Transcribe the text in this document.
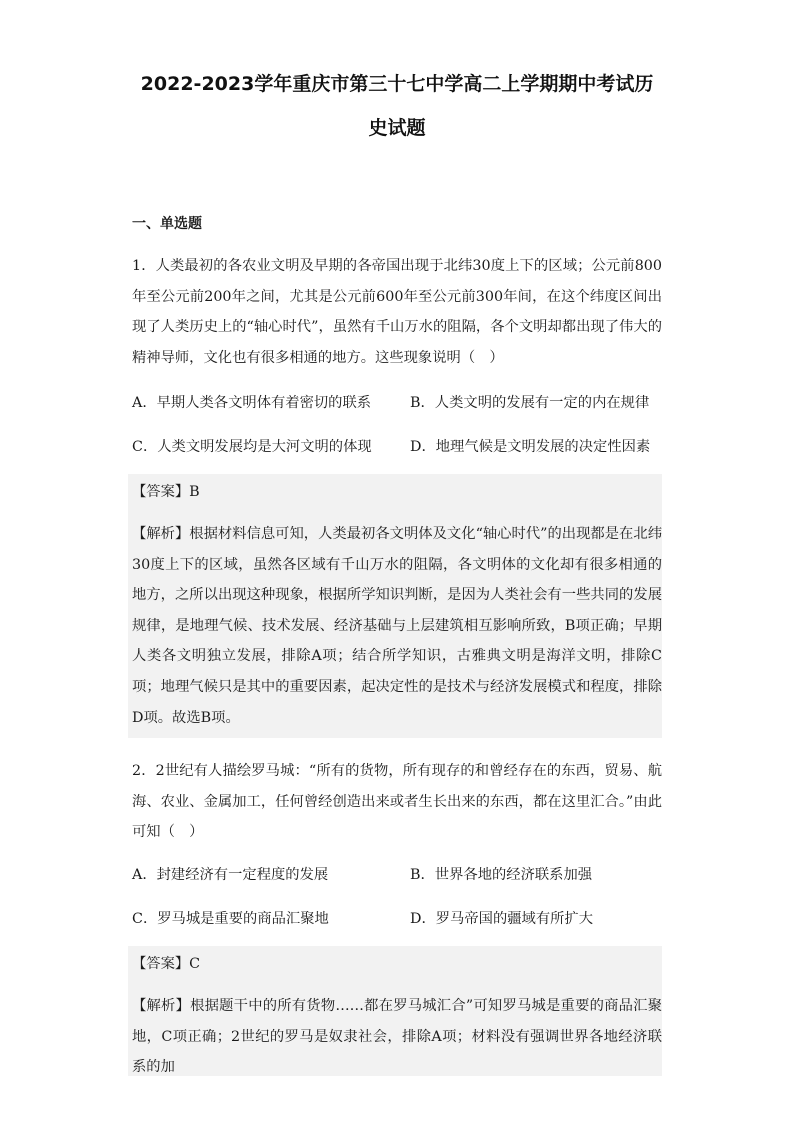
2022-2023学年重庆市第三十七中学高二上学期期中考试历
史试题
一、单选题

1．人类最初的各农业文明及早期的各帝国出现于北纬30度上下的区域；公元前800年至公元前200年之间，尤其是公元前600年至公元前300年间，在这个纬度区间出现了人类历史上的“轴心时代”，虽然有千山万水的阻隔，各个文明却都出现了伟大的精神导师，文化也有很多相通的地方。这些现象说明（　）

A．早期人类各文明体有着密切的联系	B．人类文明的发展有一定的内在规律
C．人类文明发展均是大河文明的体现	D．地理气候是文明发展的决定性因素
【答案】B

【解析】根据材料信息可知，人类最初各文明体及文化“轴心时代”的出现都是在北纬30度上下的区域，虽然各区域有千山万水的阻隔，各文明体的文化却有很多相通的地方，之所以出现这种现象，根据所学知识判断，是因为人类社会有一些共同的发展规律，是地理气候、技术发展、经济基础与上层建筑相互影响所致，B项正确；早期人类各文明独立发展，排除A项；结合所学知识，古雅典文明是海洋文明，排除C项；地理气候只是其中的重要因素，起决定性的是技术与经济发展模式和程度，排除D项。故选B项。

2．2世纪有人描绘罗马城：“所有的货物，所有现存的和曾经存在的东西，贸易、航海、农业、金属加工，任何曾经创造出来或者生长出来的东西，都在这里汇合。”由此可知（　）

A．封建经济有一定程度的发展	B．世界各地的经济联系加强
C．罗马城是重要的商品汇聚地	D．罗马帝国的疆域有所扩大
【答案】C

【解析】根据题干中的所有货物……都在罗马城汇合”可知罗马城是重要的商品汇聚地，C项正确；2世纪的罗马是奴隶社会，排除A项；材料没有强调世界各地经济联系的加
